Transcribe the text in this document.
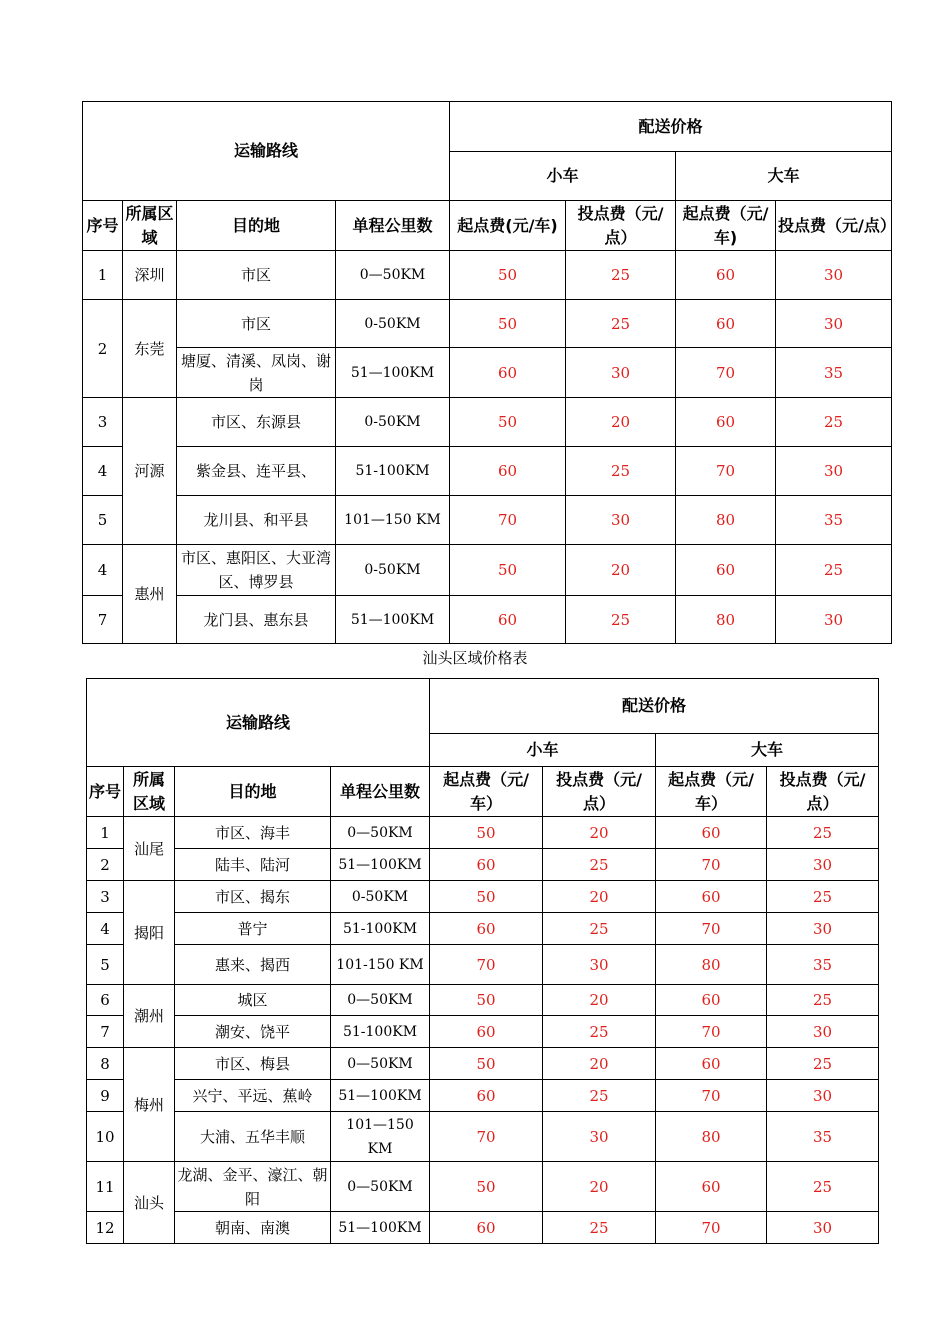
运输路线				配送价格			
				小车		大车	
序号	所属区域	目的地	单程公里数	起点费(元/车)	投点费（元/点）	起点费（元/车)	投点费（元/点）
1	深圳	市区	0—50KM	50	25	60	30
2	东莞	市区	0-50KM	50	25	60	30
		塘厦、清溪、凤岗、谢岗	51—100KM	60	30	70	35
3	河源	市区、东源县	0-50KM	50	20	60	25
4		紫金县、连平县、	51-100KM	60	25	70	30
5		龙川县、和平县	101—150 KM	70	30	80	35
4	惠州	市区、惠阳区、大亚湾区、博罗县	0-50KM	50	20	60	25
7		龙门县、惠东县	51—100KM	60	25	80	30
汕头区域价格表
运输路线				配送价格			
				小车		大车	
序号	所属区域	目的地	单程公里数	起点费（元/车）	投点费（元/点）	起点费（元/车）	投点费（元/点）
1	汕尾	市区、海丰	0—50KM	50	20	60	25
2		陆丰、陆河	51—100KM	60	25	70	30
3	揭阳	市区、揭东	0-50KM	50	20	60	25
4		普宁	51-100KM	60	25	70	30
5		惠来、揭西	101-150 KM	70	30	80	35
6	潮州	城区	0—50KM	50	20	60	25
7		潮安、饶平	51-100KM	60	25	70	30
8	梅州	市区、梅县	0—50KM	50	20	60	25
9		兴宁、平远、蕉岭	51—100KM	60	25	70	30
10		大浦、五华丰顺	101—150 KM	70	30	80	35
11	汕头	龙湖、金平、濠江、朝阳	0—50KM	50	20	60	25
12		朝南、南澳	51—100KM	60	25	70	30
